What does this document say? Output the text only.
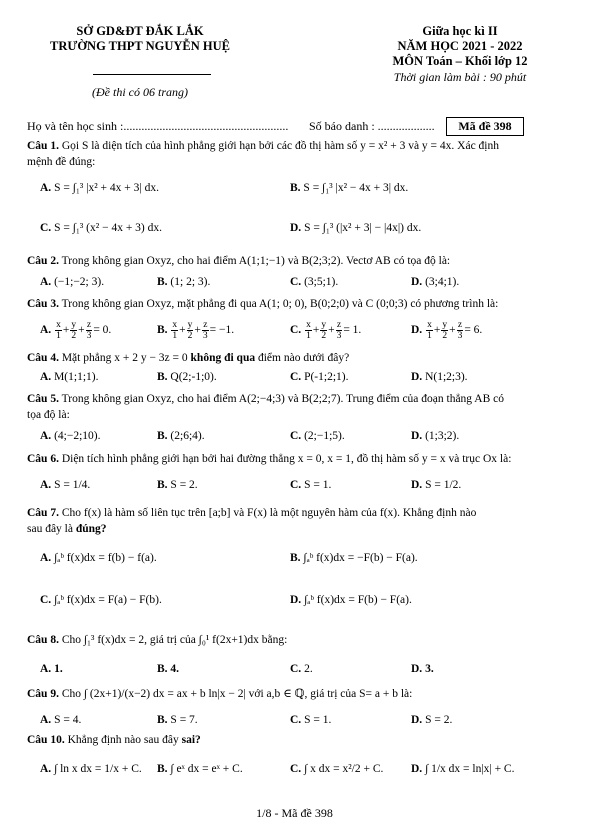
SỞ GD&ĐT ĐẮK LẮK
TRƯỜNG THPT NGUYỄN HUỆ
(Đề thi có 06 trang)
Giữa học kì II
NĂM HỌC 2021 - 2022
MÔN Toán – Khối lớp 12
Thời gian làm bài : 90 phút
Họ và tên học sinh :....................................................... Số báo danh : ...................	Mã đề 398
Câu 1. Gọi S là diện tích của hình phẳng giới hạn bởi các đồ thị hàm số y = x² + 3 và y = 4x. Xác định
mệnh đề đúng:
A. S = ∫₁³ |x² + 4x + 3| dx.	B. S = ∫₁³ |x² − 4x + 3| dx.
C. S = ∫₁³ (x² − 4x + 3) dx.	D. S = ∫₁³ (|x² + 3| − |4x|) dx.
Câu 2. Trong không gian Oxyz, cho hai điểm A(1;1;−1) và B(2;3;2). Vectơ AB có tọa độ là:
A. (−1;−2; 3).	B. (1; 2; 3).	C. (3;5;1).	D. (3;4;1).
Câu 3. Trong không gian Oxyz, mặt phẳng đi qua A(1; 0; 0), B(0;2;0) và C (0;0;3) có phương trình là:
A. $\frac{x}{1} + \frac{y}{2} + \frac{z}{3} = 0$.	B. $\frac{x}{1} + \frac{y}{2} + \frac{z}{3} = -1$.	C. $\frac{x}{1} + \frac{y}{2} + \frac{z}{3} = 1$.	D. $\frac{x}{1} + \frac{y}{2} + \frac{z}{3} = 6$.
Câu 4. Mặt phẳng x + 2 y − 3z = 0 không đi qua điểm nào dưới đây?
A. M(1;1;1).	B. Q(2;-1;0).	C. P(-1;2;1).	D. N(1;2;3).
Câu 5. Trong không gian Oxyz, cho hai điểm A(2;−4;3) và B(2;2;7). Trung điểm của đoạn thẳng AB có
tọa độ là:
A. (4;−2;10).	B. (2;6;4).	C. (2;−1;5).	D. (1;3;2).
Câu 6. Diện tích hình phẳng giới hạn bởi hai đường thẳng x = 0, x = 1, đồ thị hàm số y = x và trục Ox là:
A. S = 1/4.	B. S = 2.	C. S = 1.	D. S = 1/2.
Câu 7. Cho f(x) là hàm số liên tục trên [a;b] và F(x) là một nguyên hàm của f(x). Khẳng định nào
sau đây là đúng?
A. ∫ₐᵇ f(x)dx = f(b) − f(a).	B. ∫ₐᵇ f(x)dx = −F(b) − F(a).
C. ∫ₐᵇ f(x)dx = F(a) − F(b).	D. ∫ₐᵇ f(x)dx = F(b) − F(a).
Câu 8. Cho ∫₁³ f(x)dx = 2, giá trị của ∫₀¹ f(2x+1)dx bằng:
A. 1.	B. 4.	C. 2.	D. 3.
Câu 9. Cho ∫ (2x+1)/(x−2) dx = ax + b ln|x − 2| với a,b ∈ ℚ, giá trị của S= a + b là:
A. S = 4.	B. S = 7.	C. S = 1.	D. S = 2.
Câu 10. Khẳng định nào sau đây sai?
A. ∫ ln x dx = 1/x + C. B. ∫ eˣ dx = eˣ + C.	C. ∫ x dx = x²/2 + C. D. ∫ 1/x dx = ln|x| + C.
1/8 - Mã đề 398
